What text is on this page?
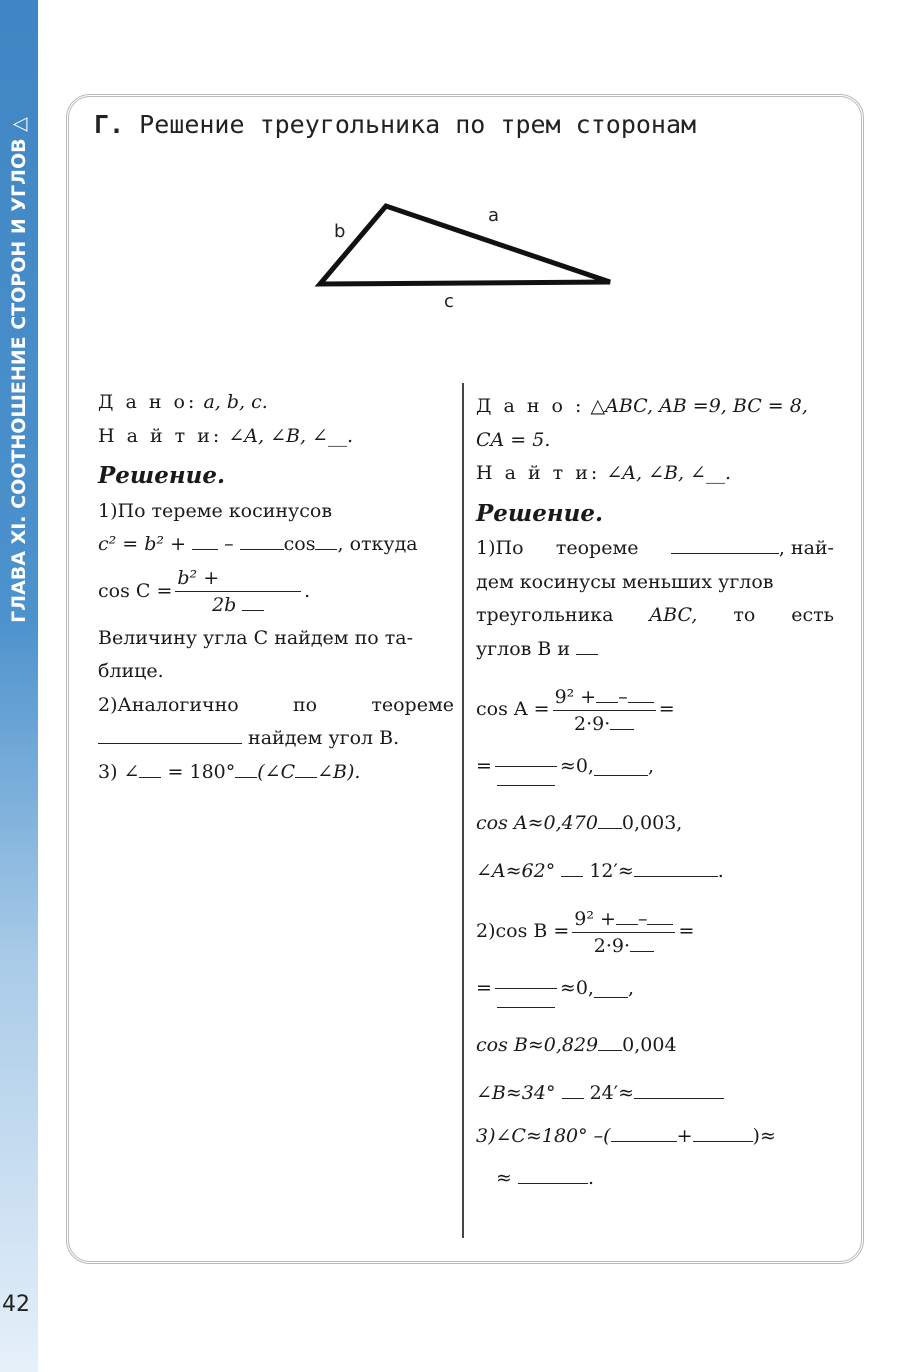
ГЛАВА XI. СООТНОШЕНИЕ СТОРОН И УГЛОВ △
42
Г. Решение треугольника по трем сторонам
a
b
c
Д а н о: a, b, c.
Н а й т и: ∠A, ∠B, ∠__.
Решение.
1)По тереме косинусов
c² = b² + –	cos , откуда
$\cos C = \frac{\text{b² +}}{2b}$ .
Величину угла C найдем по та-
блице.
2)Аналогично	по	теореме
найдем угол B.
3) ∠ = 180° (∠C ∠B).
Д а н о : △ABC, AB =9, BC = 8,
CA = 5.
Н а й т и: ∠A, ∠B, ∠__.
Решение.
1)По теореме	, най-
дем косинусы меньших углов
треугольника ABC, то есть
углов B и
$\cos A = \frac{\text{9² + –}}{2\cdot 9\cdot}$ =
=	≈0,	,
cos A≈0,470 0,003,
∠A≈62° 12′≈	.
2)cos $B = \frac{\text{9² + –}}{2\cdot 9\cdot}$ =
=	≈0, ,
cos B≈0,829 0,004
∠B≈34° 24′≈
3)∠C≈180° –(	+	)≈
≈	.
